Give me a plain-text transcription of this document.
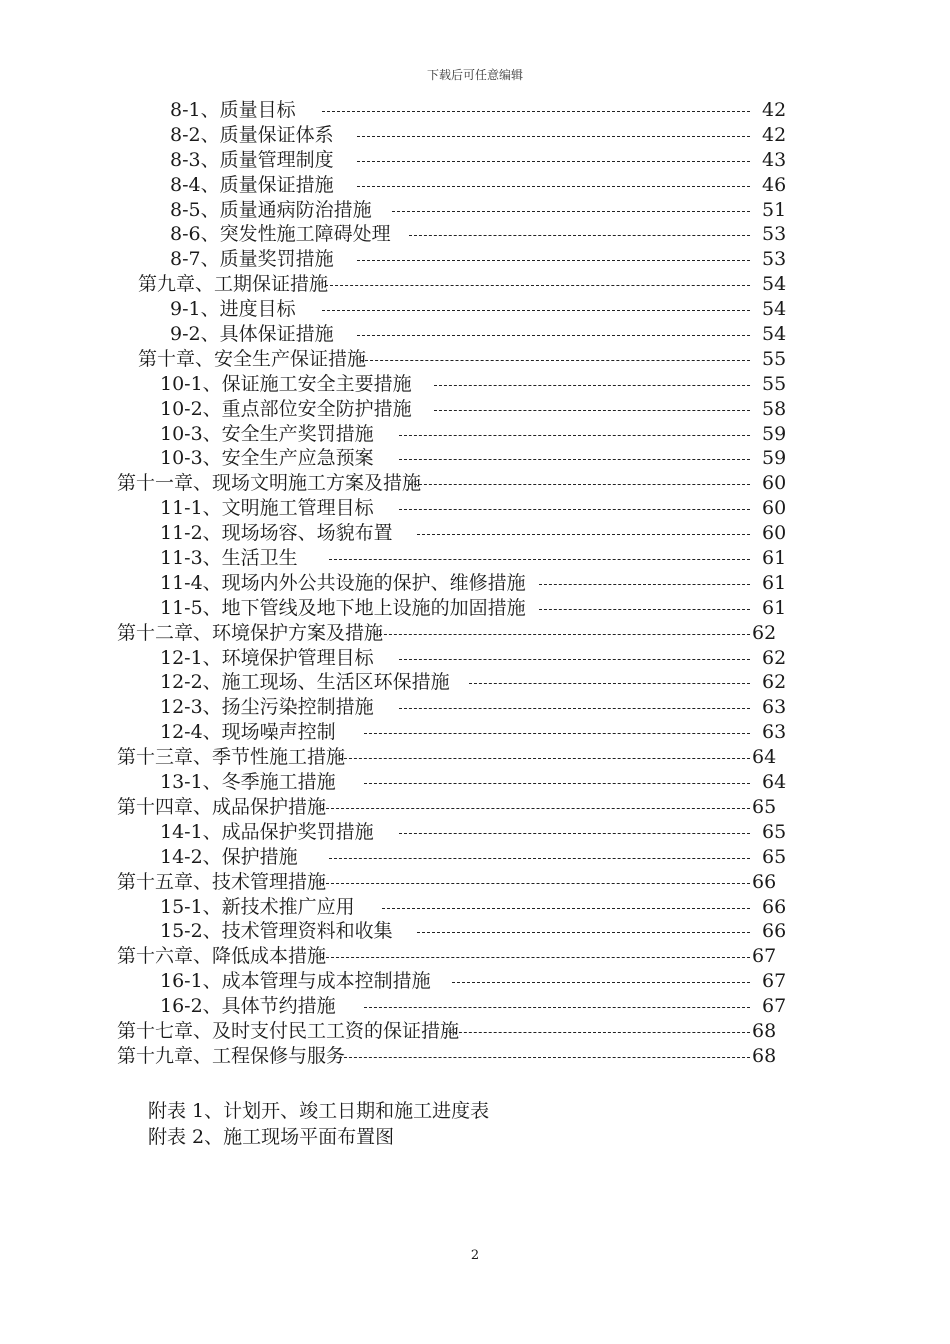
下载后可任意编辑
8-1、质量目标	42
8-2、质量保证体系	42
8-3、质量管理制度	43
8-4、质量保证措施	46
8-5、质量通病防治措施	51
8-6、突发性施工障碍处理	53
8-7、质量奖罚措施	53
第九章、工期保证措施	54
9-1、进度目标	54
9-2、具体保证措施	54
第十章、安全生产保证措施	55
10-1、保证施工安全主要措施	55
10-2、重点部位安全防护措施	58
10-3、安全生产奖罚措施	59
10-3、安全生产应急预案	59
第十一章、现场文明施工方案及措施	60
11-1、文明施工管理目标	60
11-2、现场场容、场貌布置	60
11-3、生活卫生	61
11-4、现场内外公共设施的保护、维修措施	61
11-5、地下管线及地下地上设施的加固措施	61
第十二章、环境保护方案及措施	62
12-1、环境保护管理目标	62
12-2、施工现场、生活区环保措施	62
12-3、扬尘污染控制措施	63
12-4、现场噪声控制	63
第十三章、季节性施工措施	64
13-1、冬季施工措施	64
第十四章、成品保护措施	65
14-1、成品保护奖罚措施	65
14-2、保护措施	65
第十五章、技术管理措施	66
15-1、新技术推广应用	66
15-2、技术管理资料和收集	66
第十六章、降低成本措施	67
16-1、成本管理与成本控制措施	67
16-2、具体节约措施	67
第十七章、及时支付民工工资的保证措施	68
第十九章、工程保修与服务	68
附表 1、计划开、竣工日期和施工进度表
附表 2、施工现场平面布置图
2
